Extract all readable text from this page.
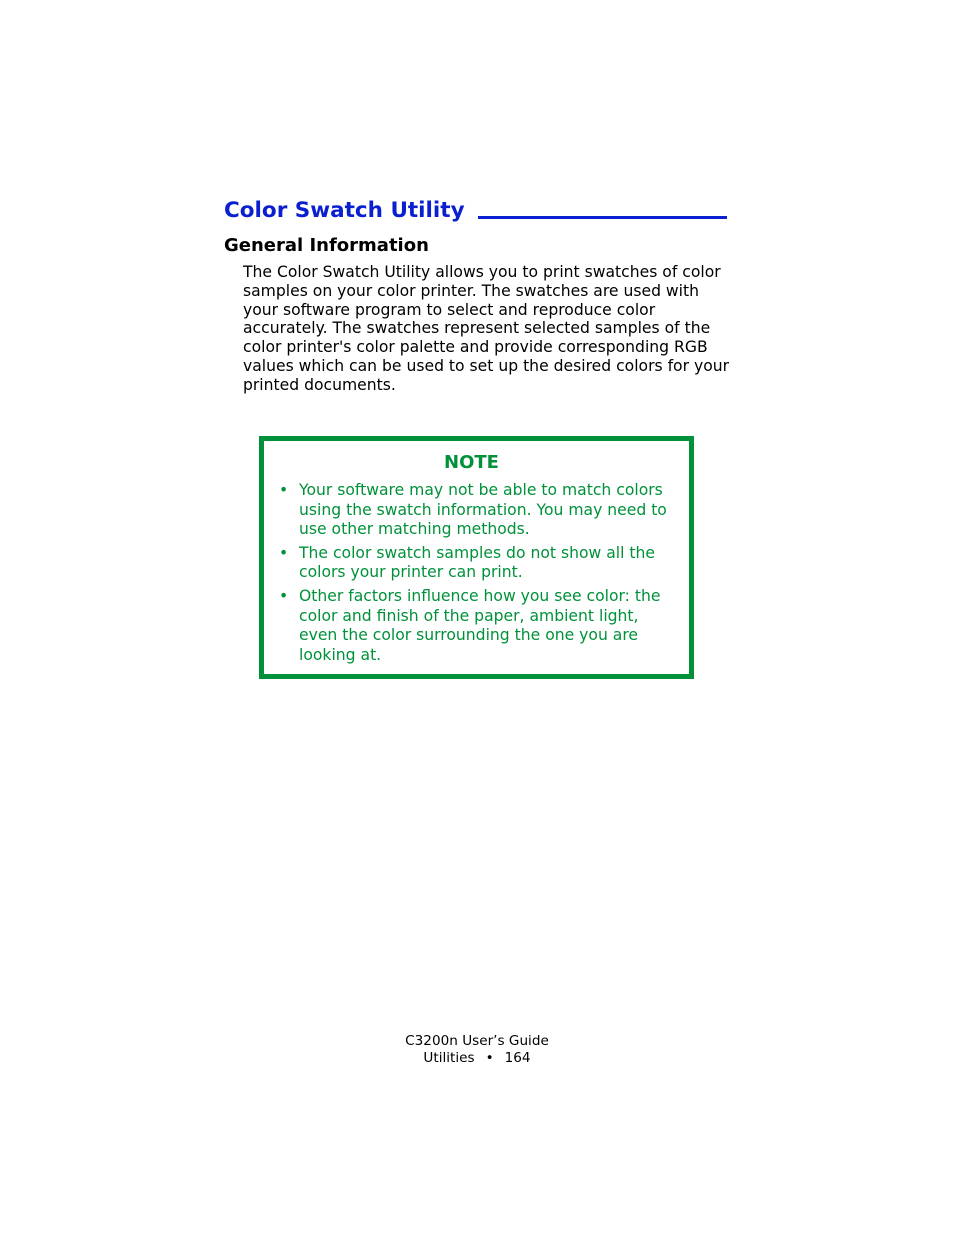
Color Swatch Utility
General Information

The Color Swatch Utility allows you to print swatches of color samples on your color printer. The swatches are used with your software program to select and reproduce color accurately. The swatches represent selected samples of the color printer's color palette and provide corresponding RGB values which can be used to set up the desired colors for your printed documents.

NOTE
• Your software may not be able to match colors using the swatch information. You may need to use other matching methods.
• The color swatch samples do not show all the colors your printer can print.
• Other factors influence how you see color: the color and finish of the paper, ambient light, even the color surrounding the one you are looking at.
C3200n User’s Guide
Utilities • 164
